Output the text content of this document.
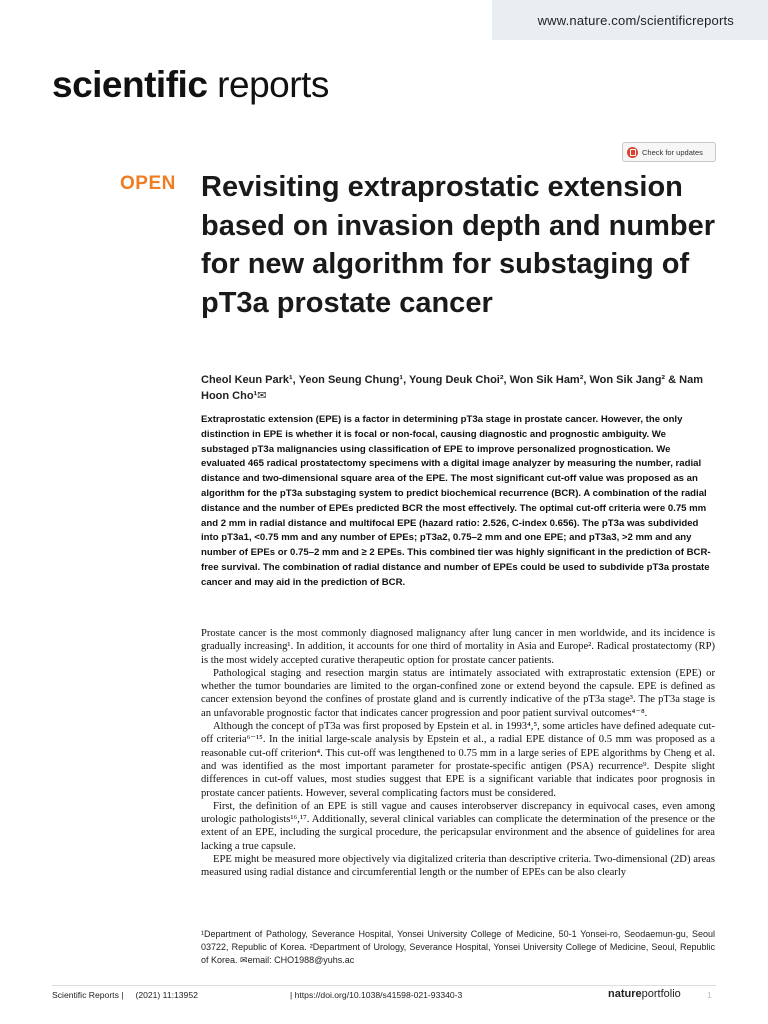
www.nature.com/scientificreports
scientific reports
Check for updates
OPEN Revisiting extraprostatic extension based on invasion depth and number for new algorithm for substaging of pT3a prostate cancer
Cheol Keun Park¹, Yeon Seung Chung¹, Young Deuk Choi², Won Sik Ham², Won Sik Jang² & Nam Hoon Cho¹✉

Extraprostatic extension (EPE) is a factor in determining pT3a stage in prostate cancer. However, the only distinction in EPE is whether it is focal or non-focal, causing diagnostic and prognostic ambiguity. We substaged pT3a malignancies using classification of EPE to improve personalized prognostication. We evaluated 465 radical prostatectomy specimens with a digital image analyzer by measuring the number, radial distance and two-dimensional square area of the EPE. The most significant cut-off value was proposed as an algorithm for the pT3a substaging system to predict biochemical recurrence (BCR). A combination of the radial distance and the number of EPEs predicted BCR the most effectively. The optimal cut-off criteria were 0.75 mm and 2 mm in radial distance and multifocal EPE (hazard ratio: 2.526, C-index 0.656). The pT3a was subdivided into pT3a1, <0.75 mm and any number of EPEs; pT3a2, 0.75–2 mm and one EPE; and pT3a3, >2 mm and any number of EPEs or 0.75–2 mm and ≥ 2 EPEs. This combined tier was highly significant in the prediction of BCR-free survival. The combination of radial distance and number of EPEs could be used to subdivide pT3a prostate cancer and may aid in the prediction of BCR.

Prostate cancer is the most commonly diagnosed malignancy after lung cancer in men worldwide, and its incidence is gradually increasing¹. In addition, it accounts for one third of mortality in Asia and Europe². Radical prostatectomy (RP) is the most widely accepted curative therapeutic option for prostate cancer patients.

Pathological staging and resection margin status are intimately associated with extraprostatic extension (EPE) or whether the tumor boundaries are limited to the organ-confined zone or extend beyond the capsule. EPE is defined as cancer extension beyond the confines of prostate gland and is currently indicative of the pT3a stage³. The pT3a stage is an unfavorable prognostic factor that indicates cancer progression and poor patient survival outcomes⁴⁻⁸.

Although the concept of pT3a was first proposed by Epstein et al. in 1993⁴,⁵, some articles have defined adequate cut-off criteria⁶⁻¹⁵. In the initial large-scale analysis by Epstein et al., a radial EPE distance of 0.5 mm was proposed as a reasonable cut-off criterion⁴. This cut-off was lengthened to 0.75 mm in a large series of EPE algorithms by Cheng et al. and was identified as the most important parameter for prostate-specific antigen (PSA) recurrence⁹. Despite slight differences in cut-off values, most studies suggest that EPE is a significant variable that indicates poor prognosis in prostate cancer patients. However, several complicating factors must be considered.

First, the definition of an EPE is still vague and causes interobserver discrepancy in equivocal cases, even among urologic pathologists¹⁶,¹⁷. Additionally, several clinical variables can complicate the determination of the presence or the extent of an EPE, including the surgical procedure, the pericapsular environment and the absence of guidelines for area lacking a true capsule.

EPE might be measured more objectively via digitalized criteria than descriptive criteria. Two-dimensional (2D) areas measured using radial distance and circumferential length or the number of EPEs can be also clearly

¹Department of Pathology, Severance Hospital, Yonsei University College of Medicine, 50-1 Yonsei-ro, Seodaemun-gu, Seoul 03722, Republic of Korea. ²Department of Urology, Severance Hospital, Yonsei University College of Medicine, Seoul, Republic of Korea. ✉email: CHO1988@yuhs.ac
Scientific Reports | (2021) 11:13952	| https://doi.org/10.1038/s41598-021-93340-3	natureportfolio	1
